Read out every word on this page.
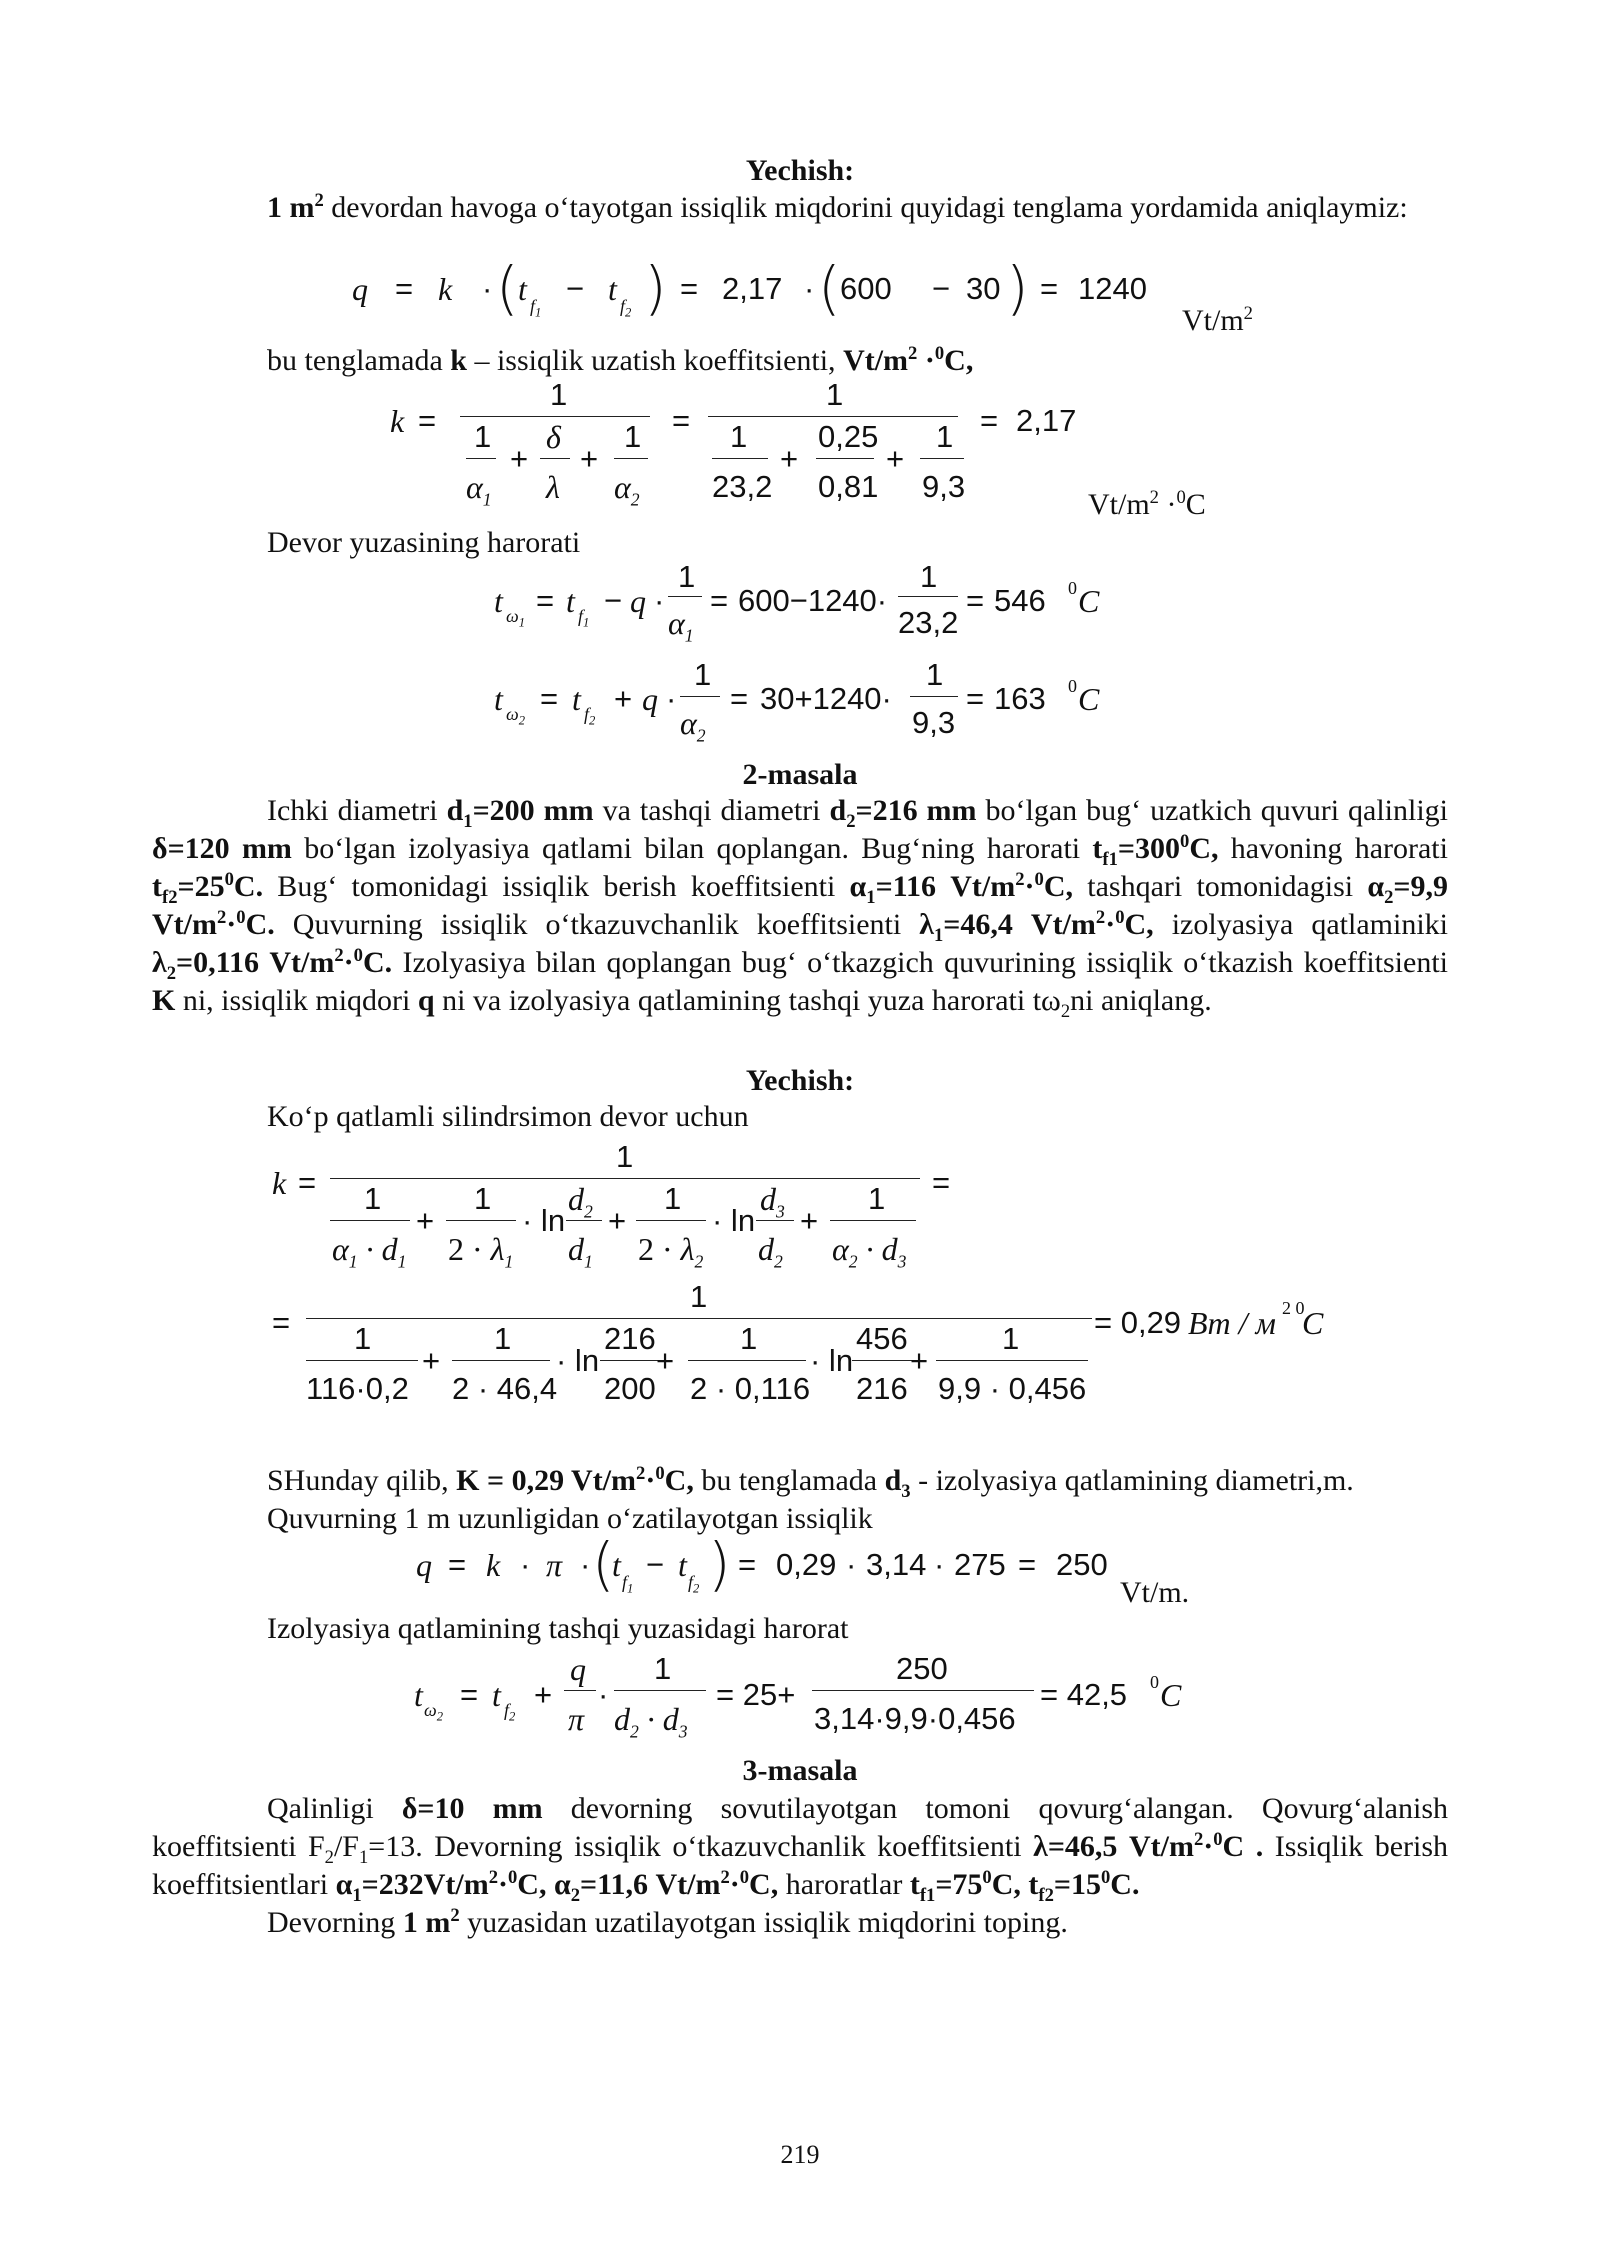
Yechish:
1 $m^2$ devordan havoga o‘tayotgan issiqlik miqdorini quyidagi tenglama yordamida aniqlaymiz:
q = k · ( t $f_1$
− t $f_2$ ) = 2,17 · ( 600 − 30 ) = 1240
$Vt/m^2$
bu tenglamada k – issiqlik uzatish koeffitsienti, $Vt/m^2 \cdot^0C$,
k =
1
1
$\alpha_1$
+
δ
λ
+
1
$\alpha_2$
=
1
1
23,2
+
0,25
0,81
+
1
9,3
= 2,17
$Vt/m^2 \cdot^0C$
Devor yuzasining harorati
t $\omega_1$
= t $f_1$
− q ·
1
$\alpha_1$
= 600−1240·
1
23,2
= 546 0 C
t $\omega_2$
= t $f_2$
+ q ·
1
$\alpha_2$
= 30+1240·
1
9,3
= 163 0 C
2-masala
Ichki diametri $d_1=200$ mm va tashqi diametri $d_2=216$ mm bo‘lgan bug‘ uzatkich quvuri qalinligi δ=120 mm bo‘lgan izolyasiya qatlami bilan qoplangan. Bug‘ning harorati $t_{f1}=300^0C$, havoning harorati $t_{f2}=25^0C$. Bug‘ tomonidagi issiqlik berish koeffitsienti $\alpha_1=116$ $Vt/m^2\cdot^0C$, tashqari tomonidagisi $\alpha_2=9,9$ $Vt/m^2\cdot^0C$. Quvurning issiqlik o‘tkazuvchanlik koeffitsienti $\lambda_1=46,4$ $Vt/m^2\cdot^0C$, izolyasiya qatlaminiki $\lambda_2=0,116$ $Vt/m^2\cdot^0C$. Izolyasiya bilan qoplangan bug‘ o‘tkazgich quvurining issiqlik o‘tkazish koeffitsienti K ni, issiqlik miqdori q ni va izolyasiya qatlamining tashqi yuza harorati $t\omega_2ni$ aniqlang.
Yechish:
Ko‘p qatlamli silindrsimon devor uchun
k =
1
1
$\alpha_1 \cdot d_1$
+
1
$2 \cdot \lambda_1$
· ln
$d_2$
$d_1$
+
1
$2 \cdot \lambda_2$
· ln
$d_3$
$d_2$
+
1
$\alpha_2 \cdot d_3$
=
=
1
1
116·0,2
+
1
2 · 46,4
· ln
216
200
+
1
2 · 0,116
· ln
456
216
+
1
9,9 · 0,456
= 0,29 Bm / м 2 0
C
SHunday qilib, K = 0,29 $Vt/m^2\cdot^0C$, bu tenglamada $d_3$ - izolyasiya qatlamining diametri,m.
Quvurning 1 m uzunligidan o‘zatilayotgan issiqlik
q = k · π · (
t $f_1$
− t $f_2$ ) = 0,29 · 3,14 · 275 = 250
Vt/m.
Izolyasiya qatlamining tashqi yuzasidagi harorat
t $\omega_2$
= t $f_2$
+
q
π
·
1
$d_2 \cdot d_3$
= 25+
250
3,14·9,9·0,456
= 42,5 0 C
3-masala
Qalinligi δ=10 mm devorning sovutilayotgan tomoni qovurg‘alangan. Qovurg‘alanish koeffitsienti $F_2/F_1=13$. Devorning issiqlik o‘tkazuvchanlik koeffitsienti λ=46,5 $Vt/m^2\cdot^0C$ . Issiqlik berish koeffitsientlari $\alpha_1=232Vt/m^2\cdot^0C$, $\alpha_2=11,6$ $Vt/m^2\cdot^0C$, haroratlar $t_{f1}=75^0C$, $t_{f2}=15^0C$.
Devorning 1 $m^2$ yuzasidan uzatilayotgan issiqlik miqdorini toping.
219
